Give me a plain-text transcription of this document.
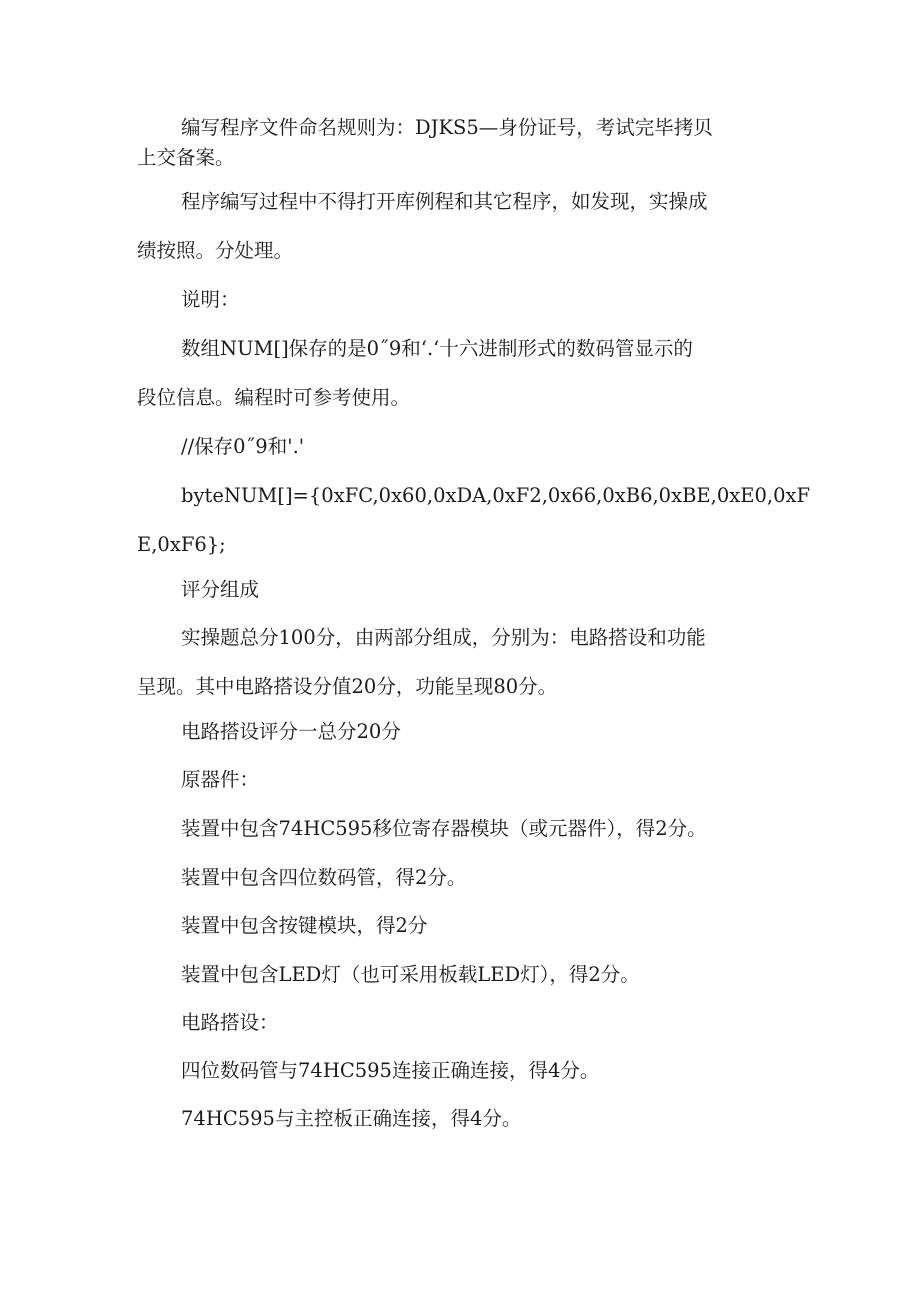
编写程序文件命名规则为：DJKS5—身份证号，考试完毕拷贝
上交备案。
程序编写过程中不得打开库例程和其它程序，如发现，实操成
绩按照。分处理。
说明：
数组NUM[]保存的是0˝9和‘.‘十六进制形式的数码管显示的
段位信息。编程时可参考使用。
//保存0˝9和'.'
byteNUM[]={0xFC,0x60,0xDA,0xF2,0x66,0xB6,0xBE,0xE0,0xF
E,0xF6};
评分组成
实操题总分100分，由两部分组成，分别为：电路搭设和功能
呈现。其中电路搭设分值20分，功能呈现80分。
电路搭设评分一总分20分
原器件：
装置中包含74HC595移位寄存器模块（或元器件），得2分。
装置中包含四位数码管，得2分。
装置中包含按键模块，得2分
装置中包含LED灯（也可采用板载LED灯），得2分。
电路搭设：
四位数码管与74HC595连接正确连接，得4分。
74HC595与主控板正确连接，得4分。
